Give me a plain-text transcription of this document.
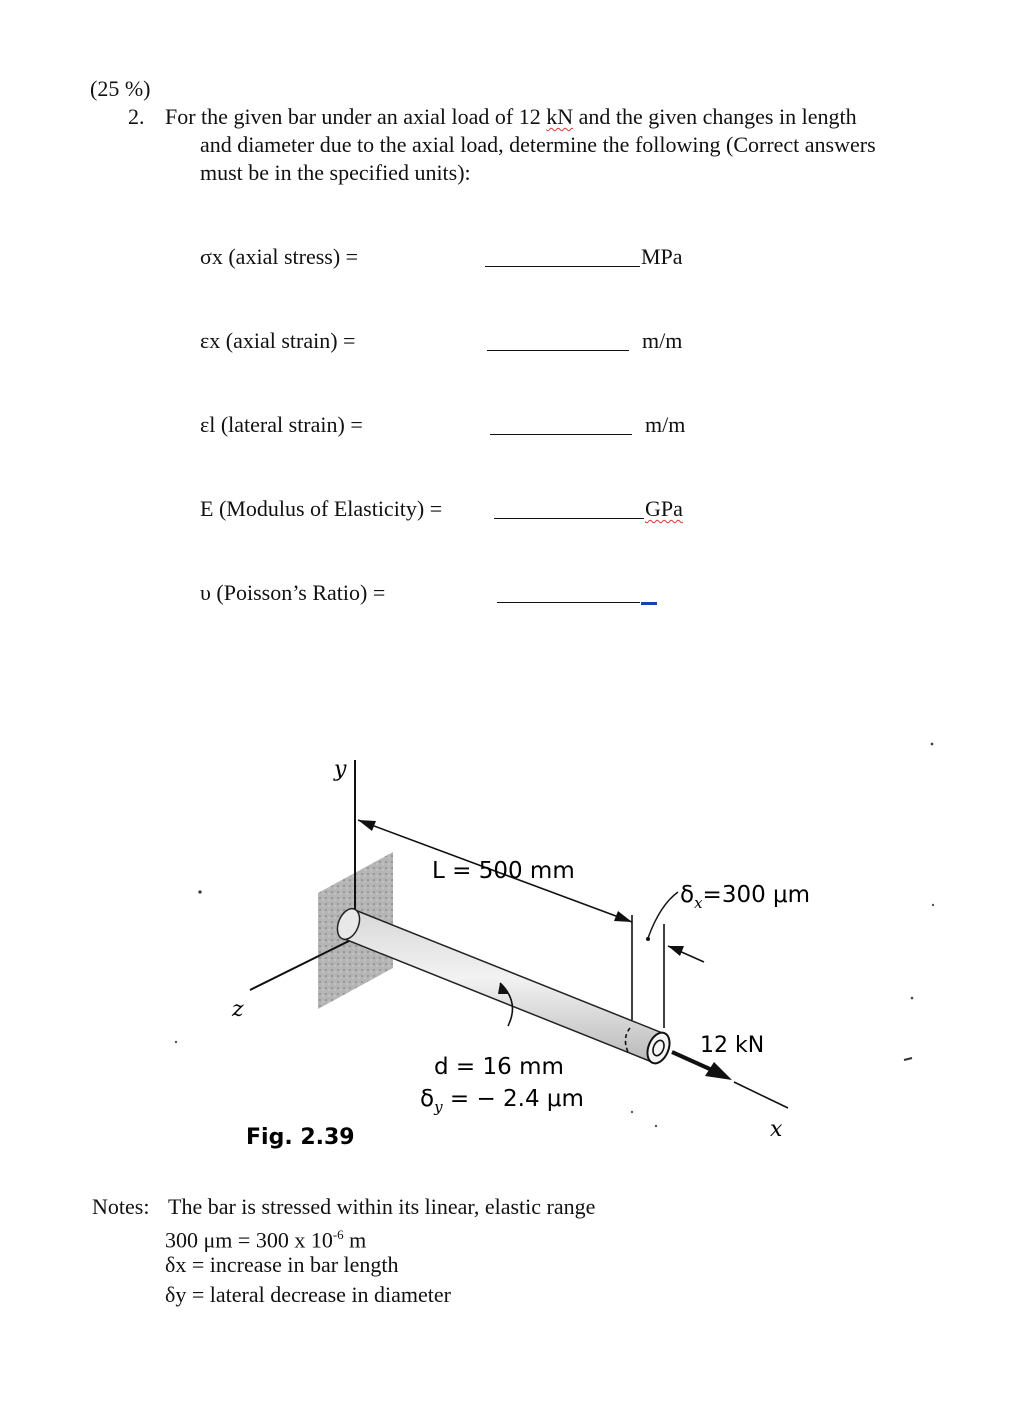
(25 %)
2. For the given bar under an axial load of 12 kN and the given changes in length
and diameter due to the axial load, determine the following (Correct answers
must be in the specified units):
σx (axial stress) =	MPa
εx (axial strain) =	m/m
εl (lateral strain) =	m/m
E (Modulus of Elasticity) =	GPa
υ (Poisson’s Ratio) =
y
z
L = 500 mm
$\delta_x=300$ μm
12 kN
x
d = 16 mm
$\delta_y$ = − 2.4 μm
Fig. 2.39
Notes: The bar is stressed within its linear, elastic range
300 μm = 300 x $10^{-6}$ m
δx = increase in bar length
δy = lateral decrease in diameter
